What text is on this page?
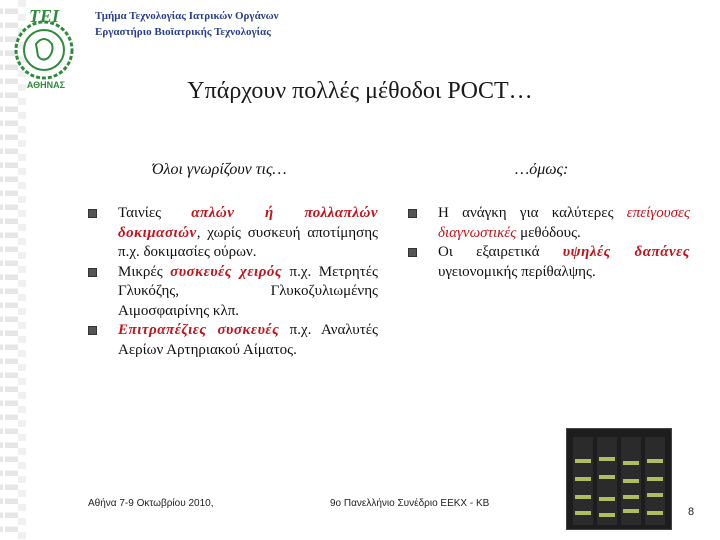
ΤΕΙ
ΑΘΗΝΑΣ
Τμήμα Τεχνολογίας Ιατρικών Οργάνων
Εργαστήριο Βιοϊατρικής Τεχνολογίας
Υπάρχουν πολλές μέθοδοι POCT…
Όλοι γνωρίζουν τις…	…όμως:

Ταινίες απλών ή πολλαπλών δοκιμασιών, χωρίς συσκευή αποτίμησης π.χ. δοκιμασίες ούρων.

Μικρές συσκευές χειρός π.χ. Μετρητές Γλυκόζης, Γλυκοζυλιωμένης Αιμοσφαιρίνης κλπ.

Επιτραπέζιες συσκευές π.χ. Αναλυτές Αερίων Αρτηριακού Αίματος.

Η ανάγκη για καλύτερες επείγουσες διαγνωστικές μεθόδους.

Οι εξαιρετικά υψηλές δαπάνες υγειονομικής περίθαλψης.

Αθήνα 7-9 Οκτωβρίου 2010,	9ο Πανελλήνιο Συνέδριο ΕΕΚΧ - ΚΒ
8
